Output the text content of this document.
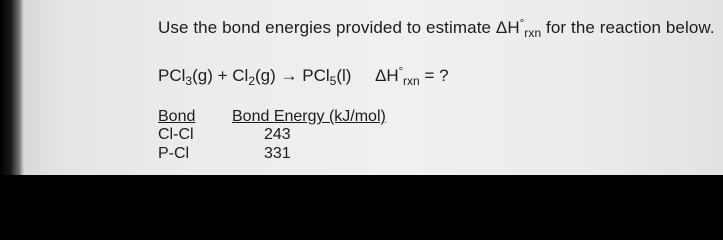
Use the bond energies provided to estimate $\Delta H^\circ_{rxn}$ for the reaction below.
$PCl_3(g) + Cl_2(g) \to PCl_5(l) \Delta H^\circ_{rxn}$ = ?
Bond Bond Energy (kJ/mol)
Cl-Cl	243
P-Cl	331
